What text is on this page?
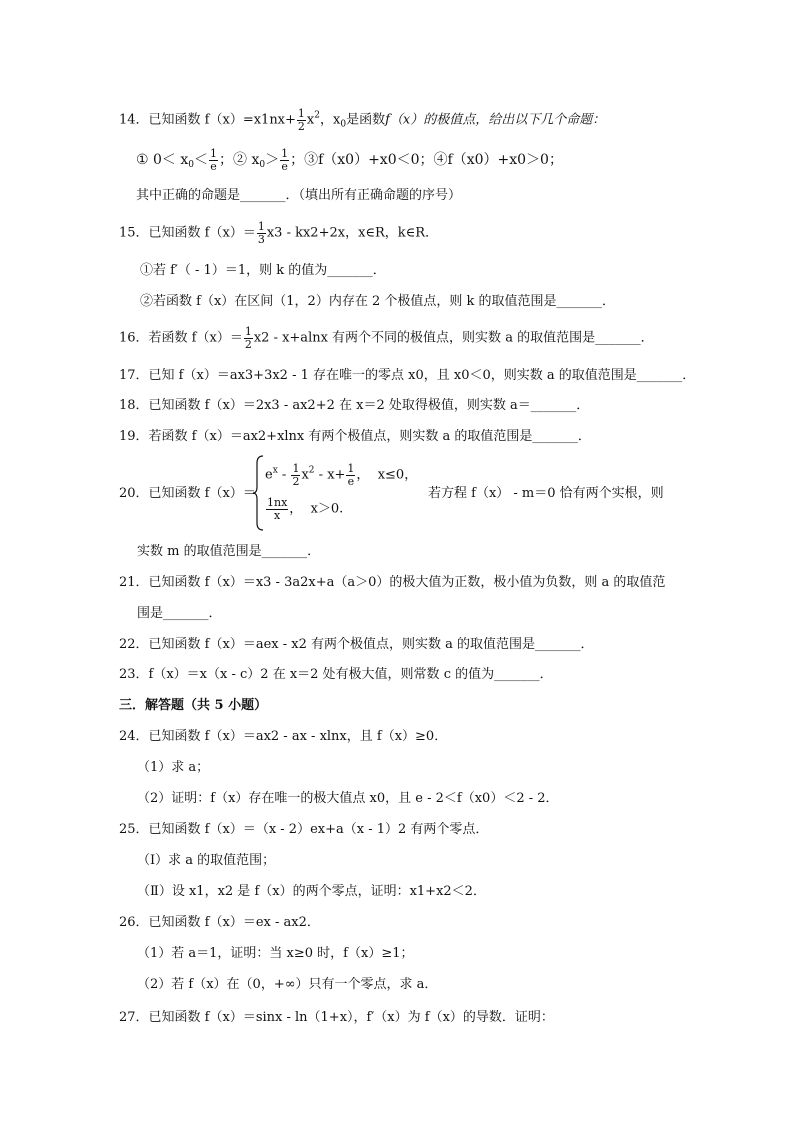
14．已知函数 $f(x)=x1nx+ \frac{1}{2} x^2$，$x_0$是函数f（x）的极值点，给出以下几个命题：
① $0< x_0< \frac{1}{e}$ ；② $x_0> \frac{1}{e}$ ；③f（x0）+x0＜0；④f（x0）+x0＞0；
其中正确的命题是_______．（填出所有正确命题的序号）
15．已知函数 $f(x)= \frac{1}{3} x3 - kx2+2x$，x∈R，k∈R．
①若 f′（ - 1）＝1，则 k 的值为_______．
②若函数 f（x）在区间（1，2）内存在 2 个极值点，则 k 的取值范围是_______．
16．若函数 $f(x)= \frac{1}{2} x2 - x+alnx$ 有两个不同的极值点，则实数 a 的取值范围是_______．
17．已知 f（x）＝ax3+3x2 - 1 存在唯一的零点 x0，且 x0＜0，则实数 a 的取值范围是_______．
18．已知函数 f（x）＝2x3 - ax2+2 在 x＝2 处取得极值，则实数 a＝_______．
19．若函数 f（x）＝ax2+xlnx 有两个极值点，则实数 a 的取值范围是_______．
20．已知函数 f（x）＝
$e^x - \frac{1}{2} x^2 - x+ \frac{1}{e}$ ， x≤0，
$\frac{1nx}{x}$ ， x＞0.
若方程 f（x） - m＝0 恰有两个实根，则
实数 m 的取值范围是_______．
21．已知函数 f（x）＝x3 - 3a2x+a（a＞0）的极大值为正数，极小值为负数，则 a 的取值范
围是_______．
22．已知函数 f（x）＝aex - x2 有两个极值点，则实数 a 的取值范围是_______．
23．f（x）＝x（x - c）2 在 x＝2 处有极大值，则常数 c 的值为_______．
三．解答题（共 5 小题）
24．已知函数 f（x）＝ax2 - ax - xlnx，且 f（x）≥0．
（1）求 a；
（2）证明：f（x）存在唯一的极大值点 x0，且 e - 2＜f（x0）＜2 - 2．
25．已知函数 f（x）＝（x - 2）ex+a（x - 1）2 有两个零点．
（Ⅰ）求 a 的取值范围；
（Ⅱ）设 x1，x2 是 f（x）的两个零点，证明：x1+x2＜2．
26．已知函数 f（x）＝ex - ax2．
（1）若 a＝1，证明：当 x≥0 时，f（x）≥1；
（2）若 f（x）在（0，+∞）只有一个零点，求 a．
27．已知函数 f（x）＝sinx - ln（1+x），f′（x）为 f（x）的导数．证明：
